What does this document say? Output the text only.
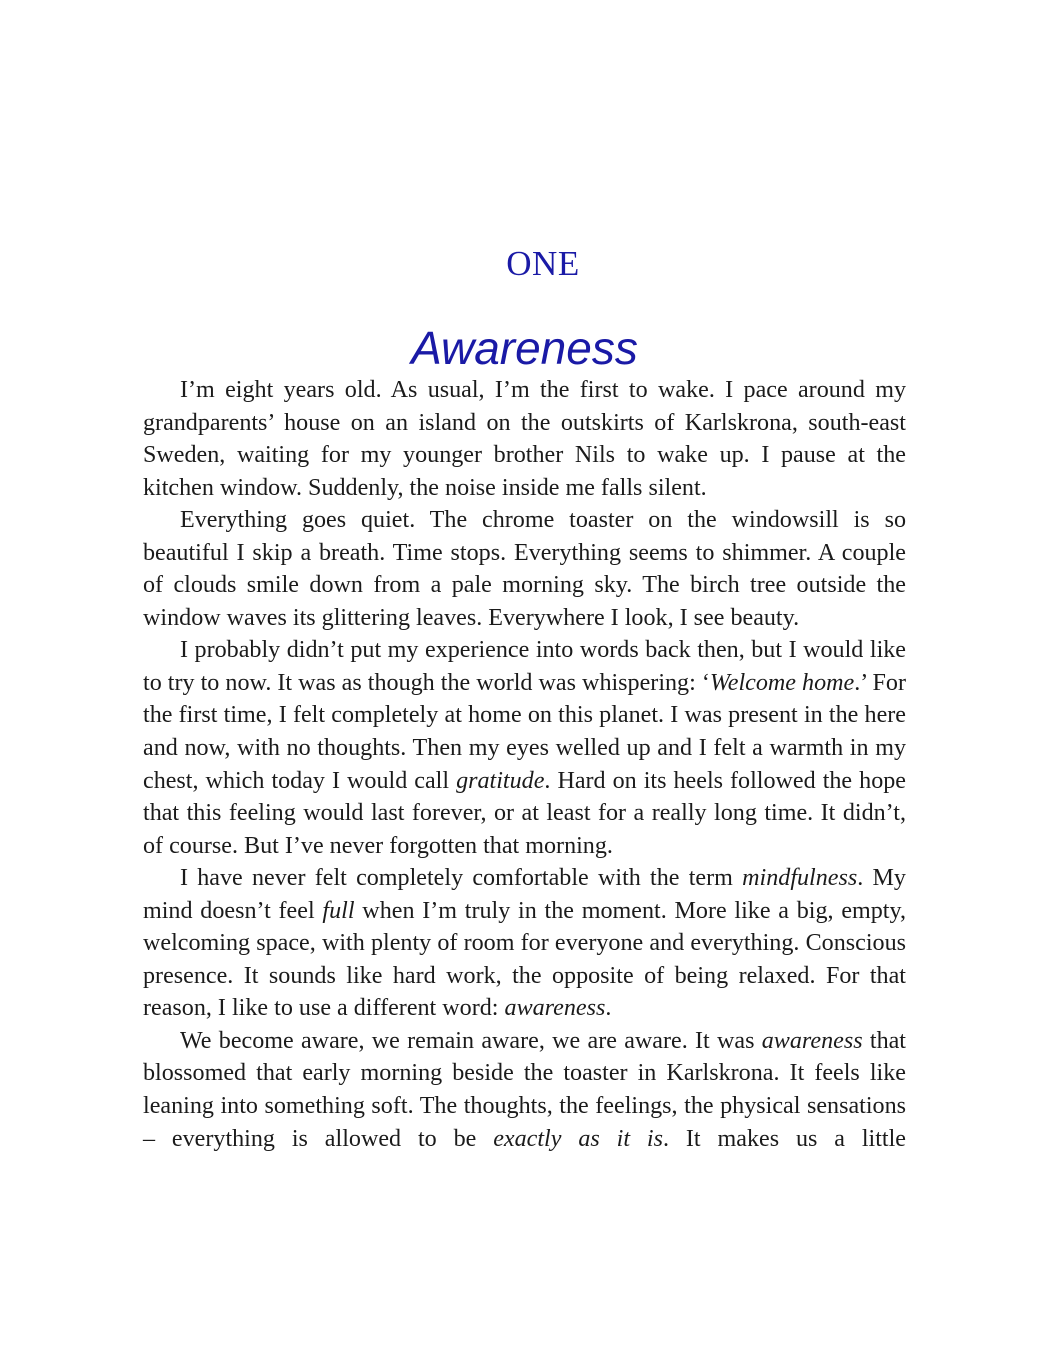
ONE
Awareness

I’m eight years old. As usual, I’m the first to wake. I pace around my grandparents’ house on an island on the outskirts of Karlskrona, south-east Sweden, waiting for my younger brother Nils to wake up. I pause at the kitchen window. Suddenly, the noise inside me falls silent.

Everything goes quiet. The chrome toaster on the windowsill is so beautiful I skip a breath. Time stops. Everything seems to shimmer. A couple of clouds smile down from a pale morning sky. The birch tree outside the window waves its glittering leaves. Everywhere I look, I see beauty.

I probably didn’t put my experience into words back then, but I would like to try to now. It was as though the world was whispering: ‘Welcome home.’ For the first time, I felt completely at home on this planet. I was present in the here and now, with no thoughts. Then my eyes welled up and I felt a warmth in my chest, which today I would call gratitude. Hard on its heels followed the hope that this feeling would last forever, or at least for a really long time. It didn’t, of course. But I’ve never forgotten that morning.

I have never felt completely comfortable with the term mindfulness. My mind doesn’t feel full when I’m truly in the moment. More like a big, empty, welcoming space, with plenty of room for everyone and everything. Conscious presence. It sounds like hard work, the opposite of being relaxed. For that reason, I like to use a different word: awareness.

We become aware, we remain aware, we are aware. It was awareness that blossomed that early morning beside the toaster in Karlskrona. It feels like leaning into something soft. The thoughts, the feelings, the physical sensations – everything is allowed to be exactly as it is. It makes us a little
